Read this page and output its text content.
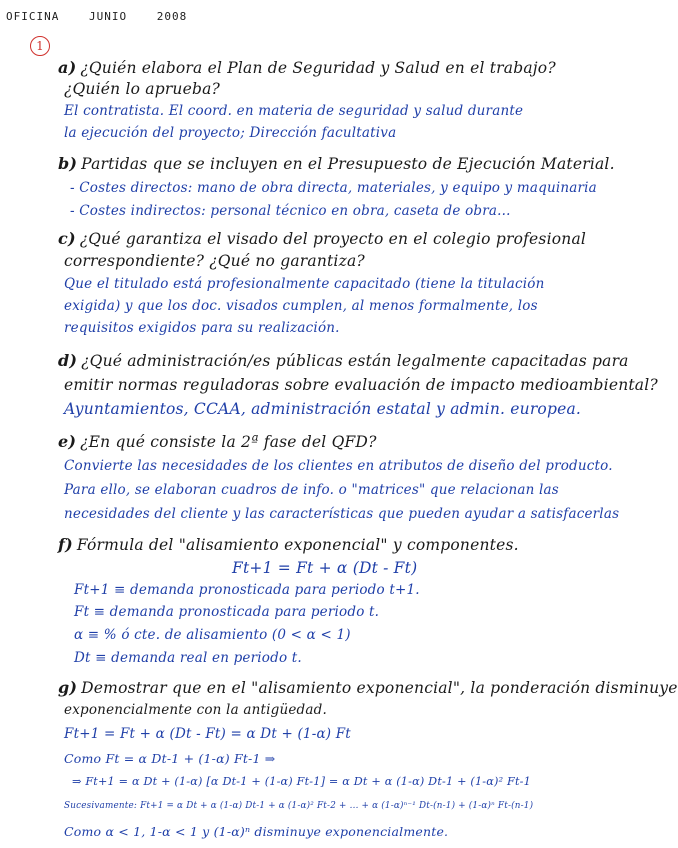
OFICINA	JUNIO	2008
1
a) ¿Quién elabora el Plan de Seguridad y Salud en el trabajo?
¿Quién lo aprueba?
El contratista. El coord. en materia de seguridad y salud durante
la ejecución del proyecto; Dirección facultativa
b) Partidas que se incluyen en el Presupuesto de Ejecución Material.
- Costes directos: mano de obra directa, materiales, y equipo y maquinaria
- Costes indirectos: personal técnico en obra, caseta de obra...
c) ¿Qué garantiza el visado del proyecto en el colegio profesional
correspondiente? ¿Qué no garantiza?
Que el titulado está profesionalmente capacitado (tiene la titulación
exigida) y que los doc. visados cumplen, al menos formalmente, los
requisitos exigidos para su realización.
d) ¿Qué administración/es públicas están legalmente capacitadas para
emitir normas reguladoras sobre evaluación de impacto medioambiental?
Ayuntamientos, CCAA, administración estatal y admin. europea.
e) ¿En qué consiste la 2ª fase del QFD?
Convierte las necesidades de los clientes en atributos de diseño del producto.
Para ello, se elaboran cuadros de info. o "matrices" que relacionan las
necesidades del cliente y las características que pueden ayudar a satisfacerlas
f) Fórmula del "alisamiento exponencial" y componentes.
Ft+1 = Ft + α (Dt - Ft)
Ft+1 ≡ demanda pronosticada para periodo t+1.
Ft ≡ demanda pronosticada para periodo t.
α ≡ % ó cte. de alisamiento (0 < α < 1)
Dt ≡ demanda real en periodo t.
g) Demostrar que en el "alisamiento exponencial", la ponderación disminuye
exponencialmente con la antigüedad.
Ft+1 = Ft + α (Dt - Ft) = α Dt + (1-α) Ft
Como Ft = α Dt-1 + (1-α) Ft-1 ⇒
⇒ Ft+1 = α Dt + (1-α) [α Dt-1 + (1-α) Ft-1] = α Dt + α (1-α) Dt-1 + (1-α)² Ft-1
Sucesivamente: Ft+1 = α Dt + α (1-α) Dt-1 + α (1-α)² Ft-2 + ... + α (1-α)ⁿ⁻¹ Dt-(n-1) + (1-α)ⁿ Ft-(n-1)
Como α < 1, 1-α < 1 y (1-α)ⁿ disminuye exponencialmente.
